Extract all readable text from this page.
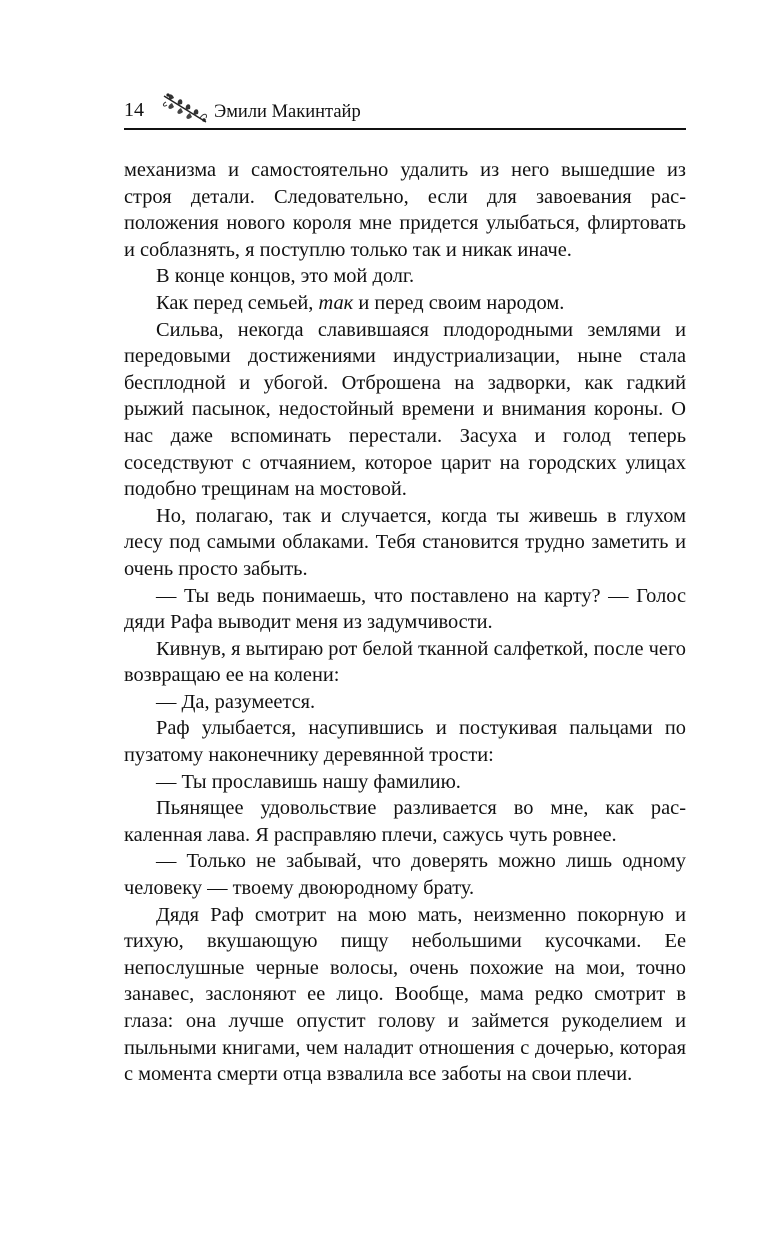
14	Эмили Макинтайр

механизма и самостоятельно удалить из него вышедшие из строя детали. Следовательно, если для завоевания расположения нового короля мне придется улыбаться, флиртовать и соблазнять, я поступлю только так и никак иначе.

В конце концов, это мой долг.

Как перед семьей, так и перед своим народом.

Сильва, некогда славившаяся плодородными землями и передовыми достижениями индустриализации, ныне стала бесплодной и убогой. Отброшена на задворки, как гадкий рыжий пасынок, недостойный времени и внимания короны. О нас даже вспоминать перестали. Засуха и голод теперь соседствуют с отчаянием, которое царит на городских улицах подобно трещинам на мостовой.

Но, полагаю, так и случается, когда ты живешь в глухом лесу под самыми облаками. Тебя становится трудно заметить и очень просто забыть.

— Ты ведь понимаешь, что поставлено на карту? — Голос дяди Рафа выводит меня из задумчивости.

Кивнув, я вытираю рот белой тканной салфеткой, после чего возвращаю ее на колени:

— Да, разумеется.

Раф улыбается, насупившись и постукивая пальцами по пузатому наконечнику деревянной трости:

— Ты прославишь нашу фамилию.

Пьянящее удовольствие разливается во мне, как раскаленная лава. Я расправляю плечи, сажусь чуть ровнее.

— Только не забывай, что доверять можно лишь одному человеку — твоему двоюродному брату.

Дядя Раф смотрит на мою мать, неизменно покорную и тихую, вкушающую пищу небольшими кусочками. Ее непослушные черные волосы, очень похожие на мои, точно занавес, заслоняют ее лицо. Вообще, мама редко смотрит в глаза: она лучше опустит голову и займется рукоделием и пыльными книгами, чем наладит отношения с дочерью, которая с момента смерти отца взвалила все заботы на свои плечи.
